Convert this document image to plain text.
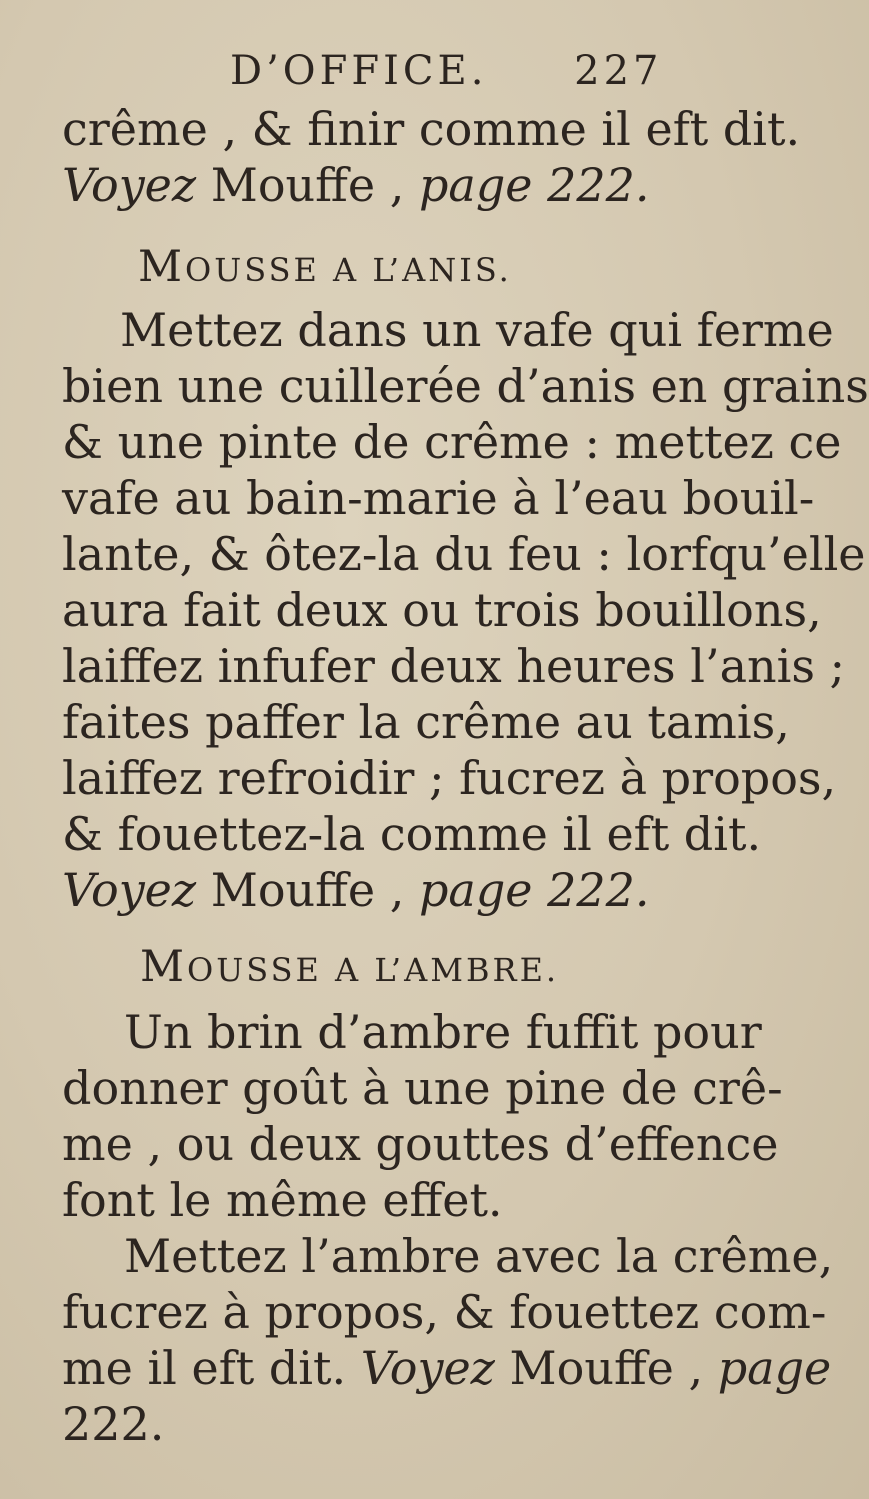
D’OFFICE. 227
crême , & finir comme il eft dit.
Voyez Mouffe , page 222.
MOUSSE A L’ANIS.
Mettez dans un vafe qui ferme
bien une cuillerée d’anis en grains
& une pinte de crême : mettez ce
vafe au bain-marie à l’eau bouil-
lante, & ôtez-la du feu : lorfqu’elle
aura fait deux ou trois bouillons,
laiffez infufer deux heures l’anis ;
faites paffer la crême au tamis,
laiffez refroidir ; fucrez à propos,
& fouettez-la comme il eft dit.
Voyez Mouffe , page 222.
MOUSSE A L’AMBRE.
Un brin d’ambre fuffit pour
donner goût à une pine de crê-
me , ou deux gouttes d’effence
font le même effet.
Mettez l’ambre avec la crême,
fucrez à propos, & fouettez com-
me il eft dit. Voyez Mouffe , page
222.
